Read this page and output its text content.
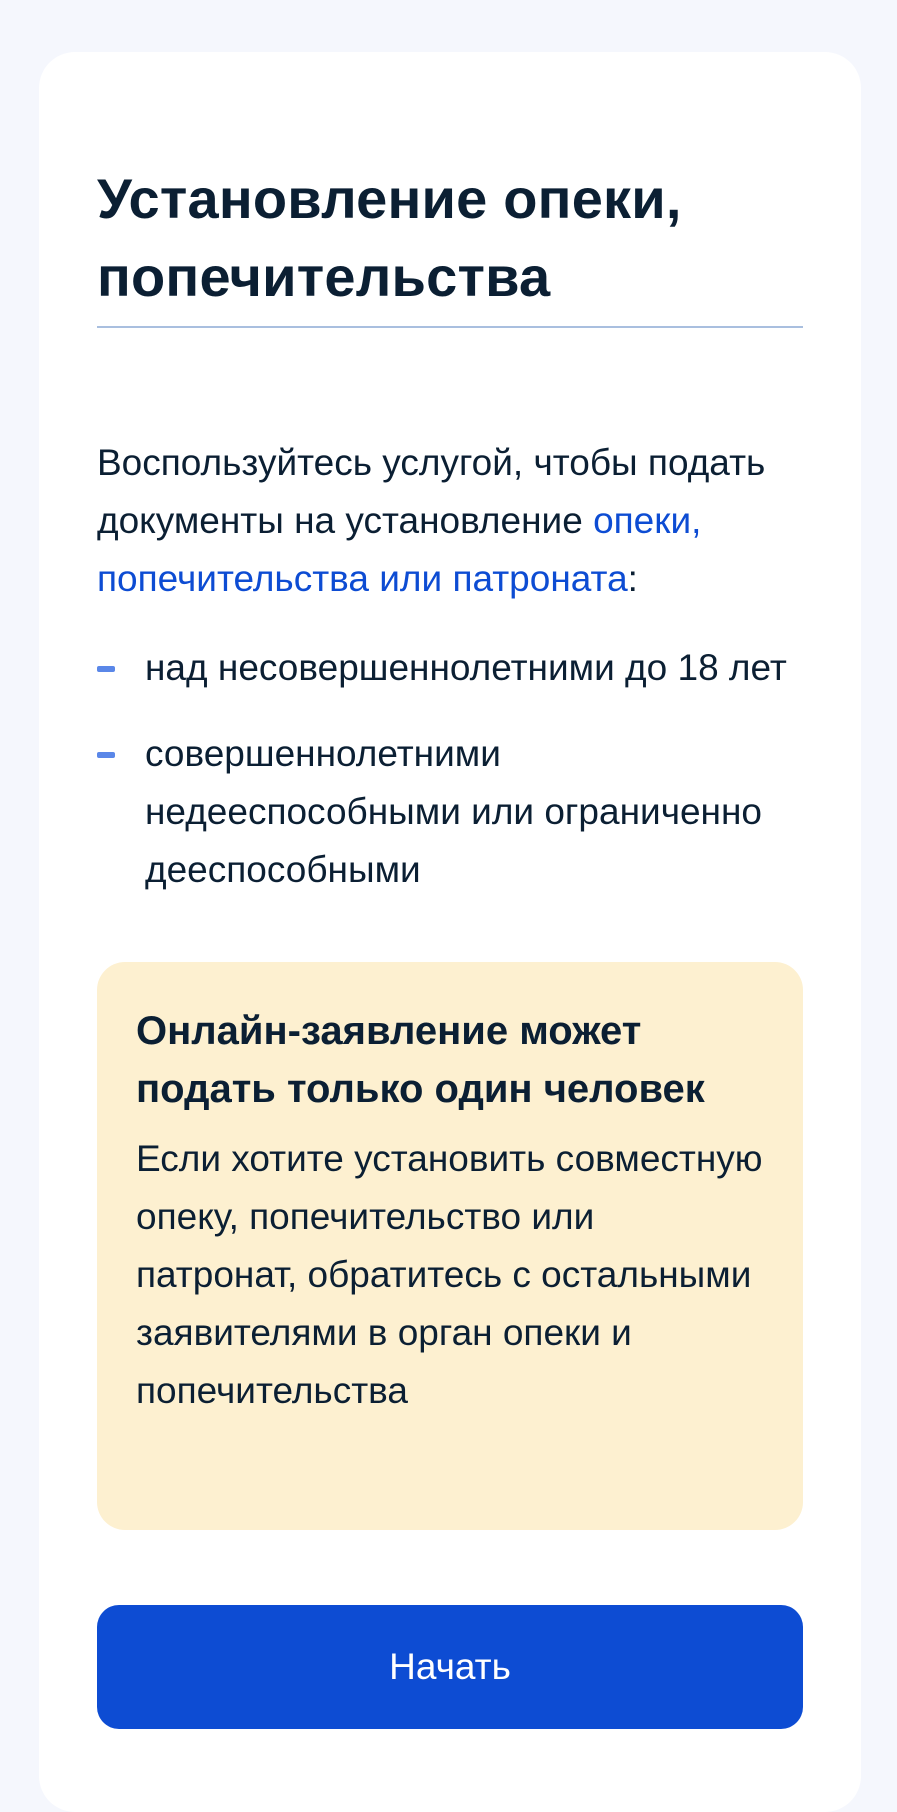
Установление опеки, попечительства
Воспользуйтесь услугой, чтобы подать документы на установление опеки, попечительства или патроната:
над несовершеннолетними до 18 лет
совершеннолетними недееспособными или ограниченно дееспособными
Онлайн-заявление может подать только один человек

Если хотите установить совместную опеку, попечительство или патронат, обратитесь с остальными заявителями в орган опеки и попечительства

Начать
